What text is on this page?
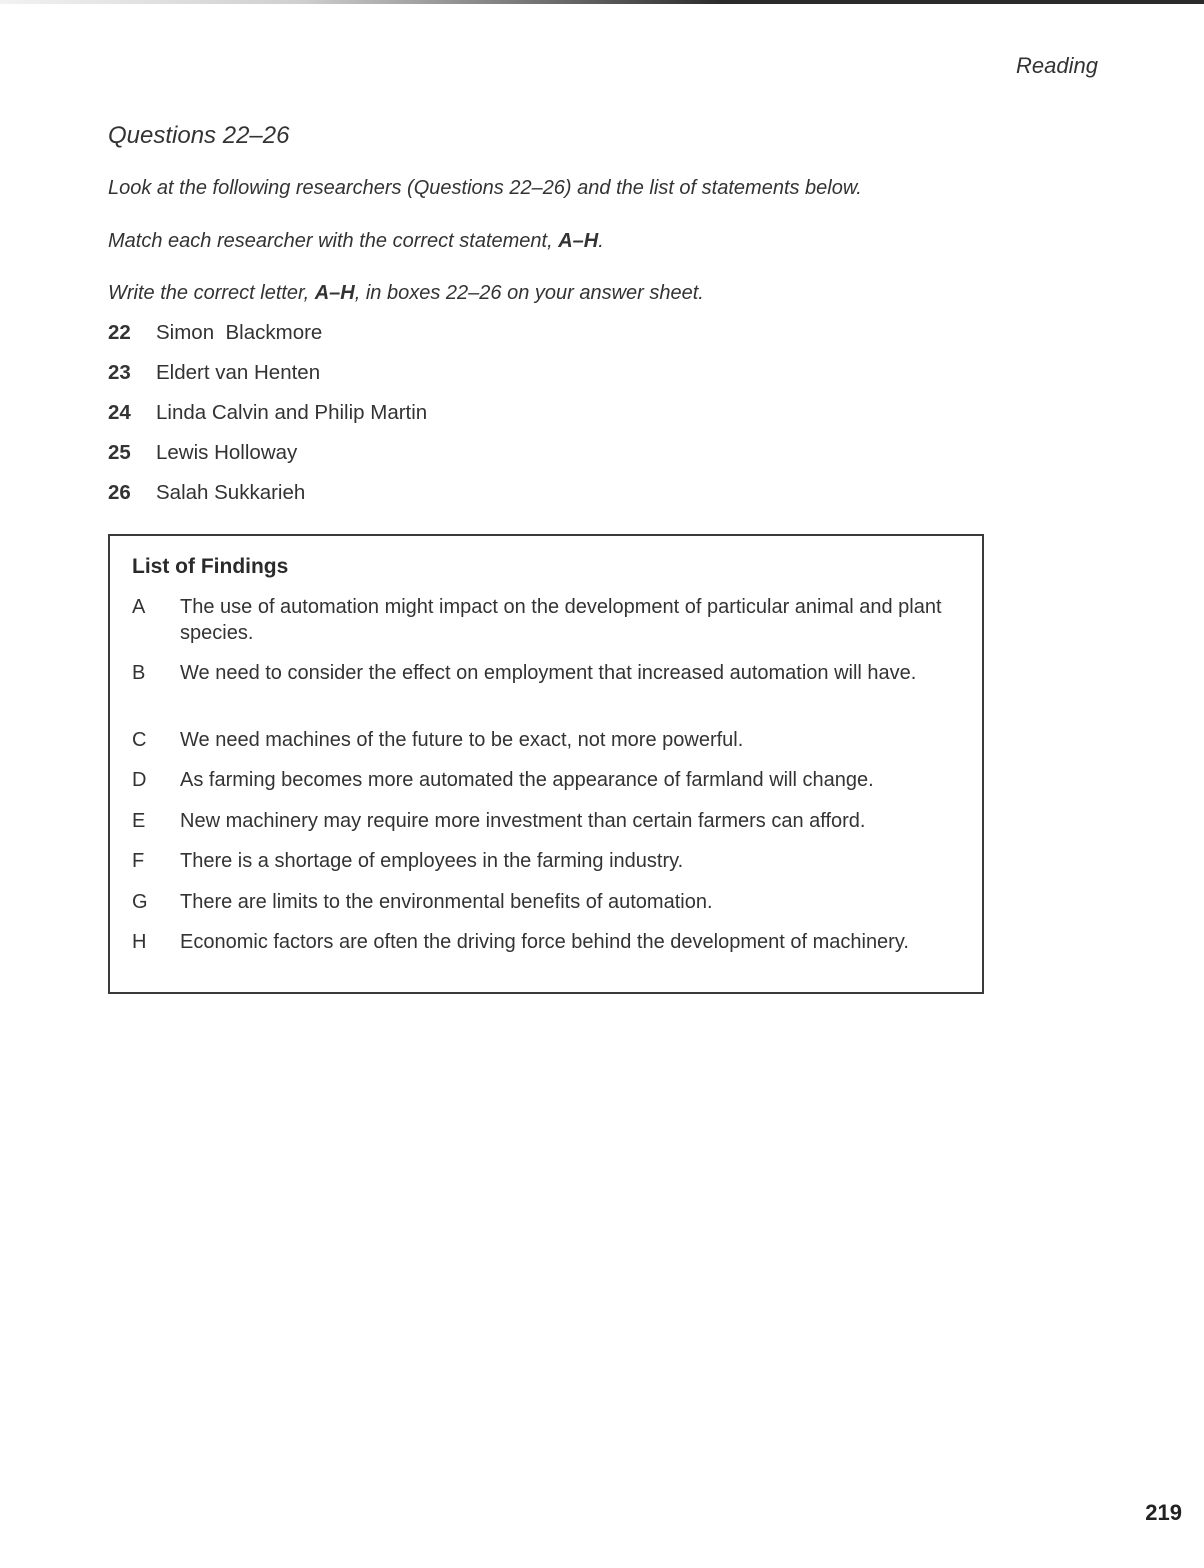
Reading
Questions 22–26
Look at the following researchers (Questions 22–26) and the list of statements below.
Match each researcher with the correct statement, A–H.
Write the correct letter, A–H, in boxes 22–26 on your answer sheet.
22	Simon  Blackmore
23	Eldert van Henten
24	Linda Calvin and Philip Martin
25	Lewis Holloway
26	Salah Sukkarieh
List of Findings
A	The use of automation might impact on the development of particular animal and plant species.
B	We need to consider the effect on employment that increased automation will have.
C	We need machines of the future to be exact, not more powerful.
D	As farming becomes more automated the appearance of farmland will change.
E	New machinery may require more investment than certain farmers can afford.
F	There is a shortage of employees in the farming industry.
G	There are limits to the environmental benefits of automation.
H	Economic factors are often the driving force behind the development of machinery.
219
